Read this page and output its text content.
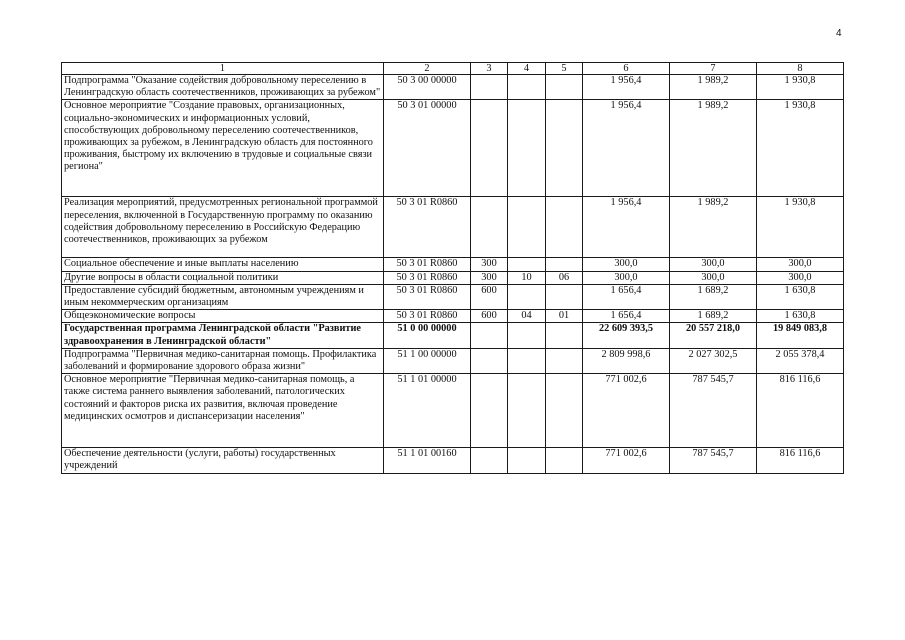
4
1	2	3	4	5	6	7	8
Подпрограмма "Оказание содействия добровольному переселению в Ленинградскую область соотечественников, проживающих за рубежом"	50 3 00 00000				1 956,4	1 989,2	1 930,8
Основное мероприятие "Создание правовых, организационных, социально-экономических и информационных условий, способствующих добровольному переселению соотечественников, проживающих за рубежом, в Ленинградскую область для постоянного проживания, быстрому их включению в трудовые и социальные связи региона"	50 3 01 00000				1 956,4	1 989,2	1 930,8
Реализация мероприятий, предусмотренных региональной программой переселения, включенной в Государственную программу по оказанию содействия добровольному переселению в Российскую Федерацию соотечественников, проживающих за рубежом	50 3 01 R0860				1 956,4	1 989,2	1 930,8
Социальное обеспечение и иные выплаты населению	50 3 01 R0860	300			300,0	300,0	300,0
Другие вопросы в области социальной политики	50 3 01 R0860	300	10	06	300,0	300,0	300,0
Предоставление субсидий бюджетным, автономным учреждениям и иным некоммерческим организациям	50 3 01 R0860	600			1 656,4	1 689,2	1 630,8
Общеэкономические вопросы	50 3 01 R0860	600	04	01	1 656,4	1 689,2	1 630,8
Государственная программа Ленинградской области "Развитие здравоохранения в Ленинградской области"	51 0 00 00000				22 609 393,5	20 557 218,0	19 849 083,8
Подпрограмма "Первичная медико-санитарная помощь. Профилактика заболеваний и формирование здорового образа жизни"	51 1 00 00000				2 809 998,6	2 027 302,5	2 055 378,4
Основное мероприятие "Первичная медико-санитарная помощь, а также система раннего выявления заболеваний, патологических состояний и факторов риска их развития, включая проведение медицинских осмотров и диспансеризации населения"	51 1 01 00000				771 002,6	787 545,7	816 116,6
Обеспечение деятельности (услуги, работы) государственных учреждений	51 1 01 00160				771 002,6	787 545,7	816 116,6
